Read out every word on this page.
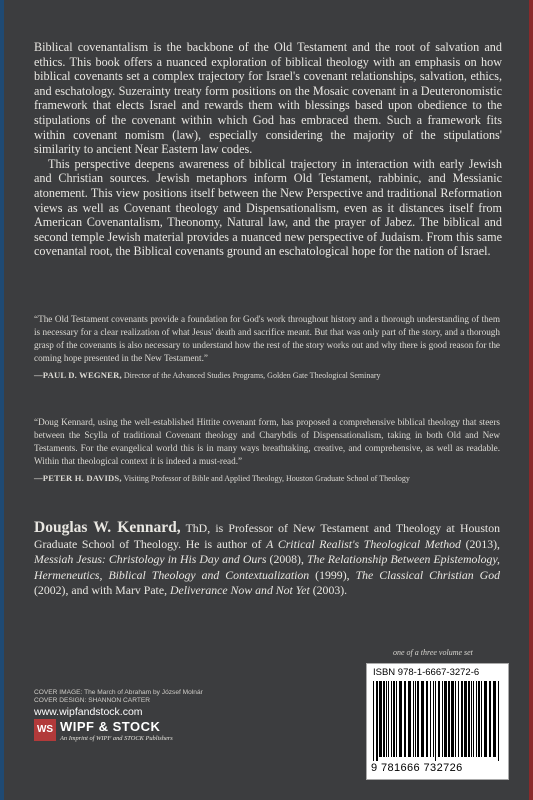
Biblical covenantalism is the backbone of the Old Testament and the root of salvation and ethics. This book offers a nuanced exploration of biblical theology with an emphasis on how biblical covenants set a complex trajectory for Israel's covenant relationships, salvation, ethics, and eschatology. Suzerainty treaty form positions on the Mosaic covenant in a Deuteronomistic framework that elects Israel and rewards them with blessings based upon obedience to the stipulations of the covenant within which God has embraced them. Such a framework fits within covenant nomism (law), especially considering the majority of the stipulations' similarity to ancient Near Eastern law codes.

This perspective deepens awareness of biblical trajectory in interaction with early Jewish and Christian sources. Jewish metaphors inform Old Testament, rabbinic, and Messianic atonement. This view positions itself between the New Perspective and traditional Reformation views as well as Covenant theology and Dispensationalism, even as it distances itself from American Covenantalism, Theonomy, Natural law, and the prayer of Jabez. The biblical and second temple Jewish material provides a nuanced new perspective of Judaism. From this same covenantal root, the Biblical covenants ground an eschatological hope for the nation of Israel.

“The Old Testament covenants provide a foundation for God's work throughout history and a thorough understanding of them is necessary for a clear realization of what Jesus' death and sacrifice meant. But that was only part of the story, and a thorough grasp of the covenants is also necessary to understand how the rest of the story works out and why there is good reason for the coming hope presented in the New Testament.”

—PAUL D. WEGNER, Director of the Advanced Studies Programs, Golden Gate Theological Seminary

“Doug Kennard, using the well-established Hittite covenant form, has proposed a comprehensive biblical theology that steers between the Scylla of traditional Covenant theology and Charybdis of Dispensationalism, taking in both Old and New Testaments. For the evangelical world this is in many ways breathtaking, creative, and comprehensive, as well as readable. Within that theological context it is indeed a must-read.”

—PETER H. DAVIDS, Visiting Professor of Bible and Applied Theology, Houston Graduate School of Theology

Douglas W. Kennard, ThD, is Professor of New Testament and Theology at Houston Graduate School of Theology. He is author of A Critical Realist's Theological Method (2013), Messiah Jesus: Christology in His Day and Ours (2008), The Relationship Between Epistemology, Hermeneutics, Biblical Theology and Contextualization (1999), The Classical Christian God (2002), and with Marv Pate, Deliverance Now and Not Yet (2003).
one of a three volume set
COVER IMAGE: The March of Abraham by József Molnár
COVER DESIGN: SHANNON CARTER
www.wipfandstock.com
WS WIPF & STOCK
An Imprint of WIPF and STOCK Publishers
ISBN 978-1-6667-3272-6
9 781666 732726
